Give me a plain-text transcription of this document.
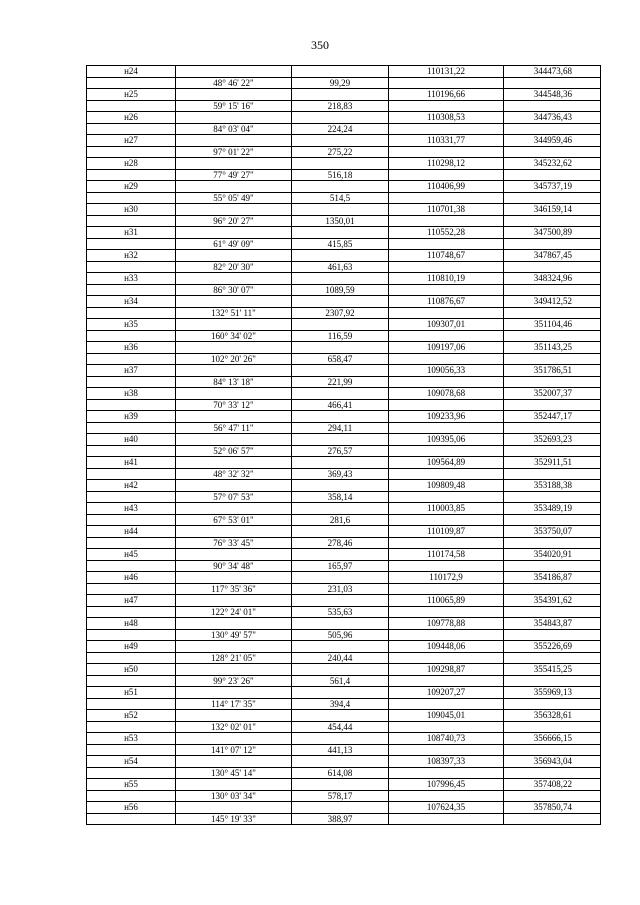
350
н24			110131,22	344473,68
	48° 46' 22"	99,29		
н25			110196,66	344548,36
	59° 15' 16"	218,83		
н26			110308,53	344736,43
	84° 03' 04"	224,24		
н27			110331,77	344959,46
	97° 01' 22"	275,22		
н28			110298,12	345232,62
	77° 49' 27"	516,18		
н29			110406,99	345737,19
	55° 05' 49"	514,5		
н30			110701,38	346159,14
	96° 20' 27"	1350,01		
н31			110552,28	347500,89
	61° 49' 09"	415,85		
н32			110748,67	347867,45
	82° 20' 30"	461,63		
н33			110810,19	348324,96
	86° 30' 07"	1089,59		
н34			110876,67	349412,52
	132° 51' 11"	2307,92		
н35			109307,01	351104,46
	160° 34' 02"	116,59		
н36			109197,06	351143,25
	102° 20' 26"	658,47		
н37			109056,33	351786,51
	84° 13' 18"	221,99		
н38			109078,68	352007,37
	70° 33' 12"	466,41		
н39			109233,96	352447,17
	56° 47' 11"	294,11		
н40			109395,06	352693,23
	52° 06' 57"	276,57		
н41			109564,89	352911,51
	48° 32' 32"	369,43		
н42			109809,48	353188,38
	57° 07' 53"	358,14		
н43			110003,85	353489,19
	67° 53' 01"	281,6		
н44			110109,87	353750,07
	76° 33' 45"	278,46		
н45			110174,58	354020,91
	90° 34' 48"	165,97		
н46			110172,9	354186,87
	117° 35' 36"	231,03		
н47			110065,89	354391,62
	122° 24' 01"	535,63		
н48			109778,88	354843,87
	130° 49' 57"	505,96		
н49			109448,06	355226,69
	128° 21' 05"	240,44		
н50			109298,87	355415,25
	99° 23' 26"	561,4		
н51			109207,27	355969,13
	114° 17' 35"	394,4		
н52			109045,01	356328,61
	132° 02' 01"	454,44		
н53			108740,73	356666,15
	141° 07' 12"	441,13		
н54			108397,33	356943,04
	130° 45' 14"	614,08		
н55			107996,45	357408,22
	130° 03' 34"	578,17		
н56			107624,35	357850,74
	145° 19' 33"	388,97		
